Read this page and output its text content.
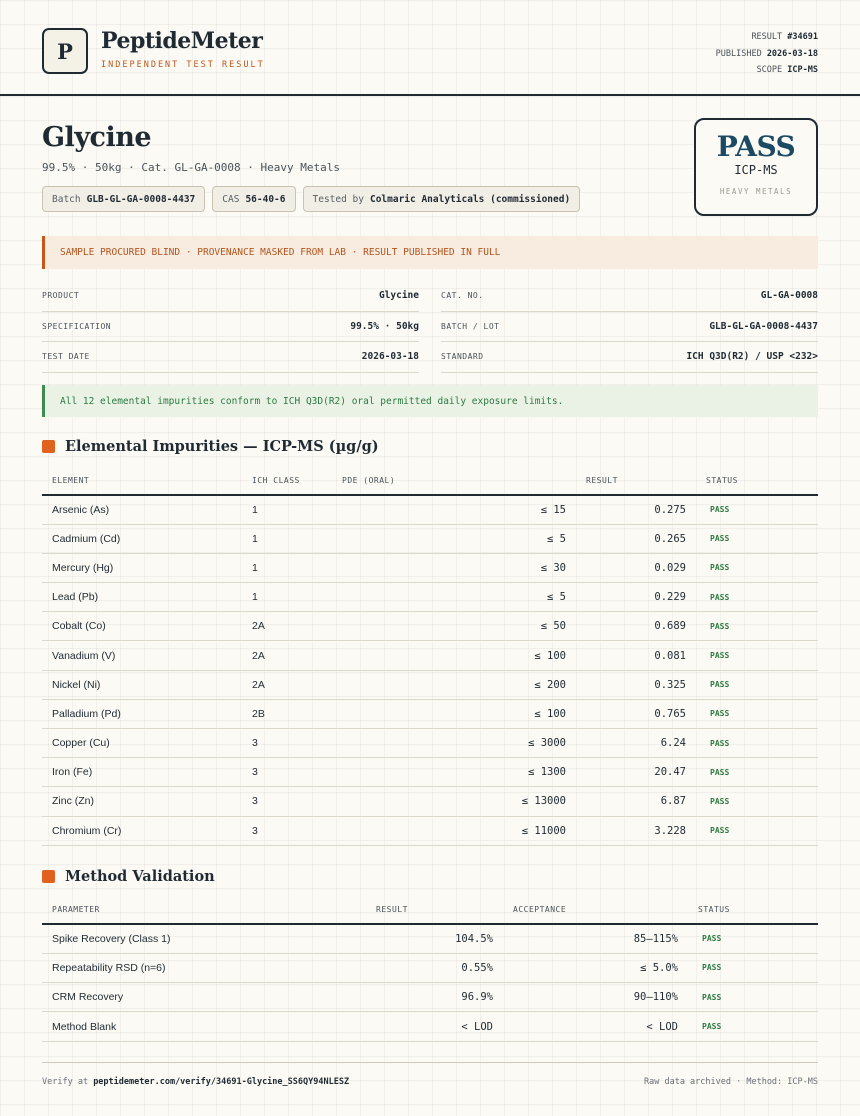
P	PeptideMeter
INDEPENDENT TEST RESULT
RESULT #34691
PUBLISHED 2026-03-18
SCOPE ICP-MS
Glycine
99.5% · 50kg · Cat. GL-GA-0008 · Heavy Metals
Batch GLB-GL-GA-0008-4437	CAS 56-40-6	Tested by Colmaric Analyticals (commissioned)
PASS
ICP-MS
HEAVY METALS
SAMPLE PROCURED BLIND · PROVENANCE MASKED FROM LAB · RESULT PUBLISHED IN FULL
PRODUCT	Glycine
SPECIFICATION	99.5% · 50kg
TEST DATE	2026-03-18
CAT. NO.	GL-GA-0008
BATCH / LOT	GLB-GL-GA-0008-4437
STANDARD	ICH Q3D(R2) / USP <232>
All 12 elemental impurities conform to ICH Q3D(R2) oral permitted daily exposure limits.
Elemental Impurities — ICP-MS (µg/g)
ELEMENT	ICH CLASS	PDE (ORAL)	RESULT	STATUS
Arsenic (As)	1	≤ 15	0.275	PASS
Cadmium (Cd)	1	≤ 5	0.265	PASS
Mercury (Hg)	1	≤ 30	0.029	PASS
Lead (Pb)	1	≤ 5	0.229	PASS
Cobalt (Co)	2A	≤ 50	0.689	PASS
Vanadium (V)	2A	≤ 100	0.081	PASS
Nickel (Ni)	2A	≤ 200	0.325	PASS
Palladium (Pd)	2B	≤ 100	0.765	PASS
Copper (Cu)	3	≤ 3000	6.24	PASS
Iron (Fe)	3	≤ 1300	20.47	PASS
Zinc (Zn)	3	≤ 13000	6.87	PASS
Chromium (Cr)	3	≤ 11000	3.228	PASS
Method Validation
PARAMETER	RESULT	ACCEPTANCE	STATUS
Spike Recovery (Class 1)	104.5%	85–115%	PASS
Repeatability RSD (n=6)	0.55%	≤ 5.0%	PASS
CRM Recovery	96.9%	90–110%	PASS
Method Blank	< LOD	< LOD	PASS
Verify at peptidemeter.com/verify/34691-Glycine_SS6QY94NLESZ	Raw data archived · Method: ICP-MS
